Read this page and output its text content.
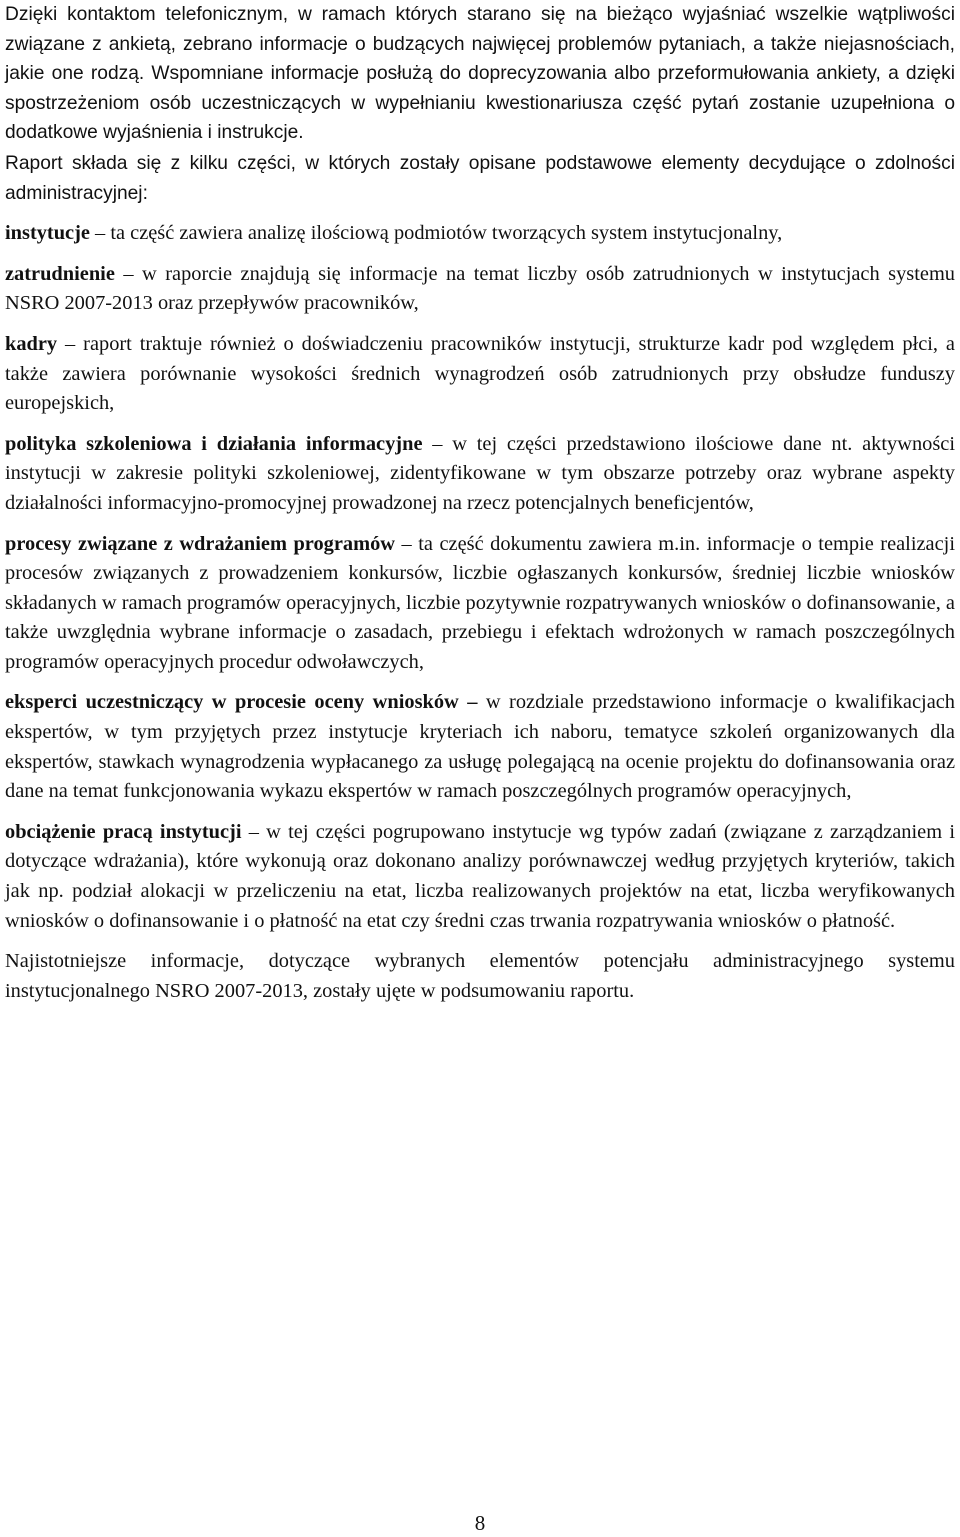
Dzięki kontaktom telefonicznym, w ramach których starano się na bieżąco wyjaśniać wszelkie wątpliwości związane z ankietą, zebrano informacje o budzących najwięcej problemów pytaniach, a także niejasnościach, jakie one rodzą. Wspomniane informacje posłużą do doprecyzowania albo przeformułowania ankiety, a dzięki spostrzeżeniom osób uczestniczących w wypełnianiu kwestionariusza część pytań zostanie uzupełniona o dodatkowe wyjaśnienia i instrukcje.

Raport składa się z kilku części, w których zostały opisane podstawowe elementy decydujące o zdolności administracyjnej:

instytucje – ta część zawiera analizę ilościową podmiotów tworzących system instytucjonalny,

zatrudnienie – w raporcie znajdują się informacje na temat liczby osób zatrudnionych w instytucjach systemu NSRO 2007-2013 oraz przepływów pracowników,

kadry – raport traktuje również o doświadczeniu pracowników instytucji, strukturze kadr pod względem płci, a także zawiera porównanie wysokości średnich wynagrodzeń osób zatrudnionych przy obsłudze funduszy europejskich,

polityka szkoleniowa i działania informacyjne – w tej części przedstawiono ilościowe dane nt. aktywności instytucji w zakresie polityki szkoleniowej, zidentyfikowane w tym obszarze potrzeby oraz wybrane aspekty działalności informacyjno-promocyjnej prowadzonej na rzecz potencjalnych beneficjentów,

procesy związane z wdrażaniem programów – ta część dokumentu zawiera m.in. informacje o tempie realizacji procesów związanych z prowadzeniem konkursów, liczbie ogłaszanych konkursów, średniej liczbie wniosków składanych w ramach programów operacyjnych, liczbie pozytywnie rozpatrywanych wniosków o dofinansowanie, a także uwzględnia wybrane informacje o zasadach, przebiegu i efektach wdrożonych w ramach poszczególnych programów operacyjnych procedur odwoławczych,

eksperci uczestniczący w procesie oceny wniosków – w rozdziale przedstawiono informacje o kwalifikacjach ekspertów, w tym przyjętych przez instytucje kryteriach ich naboru, tematyce szkoleń organizowanych dla ekspertów, stawkach wynagrodzenia wypłacanego za usługę polegającą na ocenie projektu do dofinansowania oraz dane na temat funkcjonowania wykazu ekspertów w ramach poszczególnych programów operacyjnych,

obciążenie pracą instytucji – w tej części pogrupowano instytucje wg typów zadań (związane z zarządzaniem i dotyczące wdrażania), które wykonują oraz dokonano analizy porównawczej według przyjętych kryteriów, takich jak np. podział alokacji w przeliczeniu na etat, liczba realizowanych projektów na etat, liczba weryfikowanych wniosków o dofinansowanie i o płatność na etat czy średni czas trwania rozpatrywania wniosków o płatność.

Najistotniejsze informacje, dotyczące wybranych elementów potencjału administracyjnego systemu instytucjonalnego NSRO 2007-2013, zostały ujęte w podsumowaniu raportu.

8
